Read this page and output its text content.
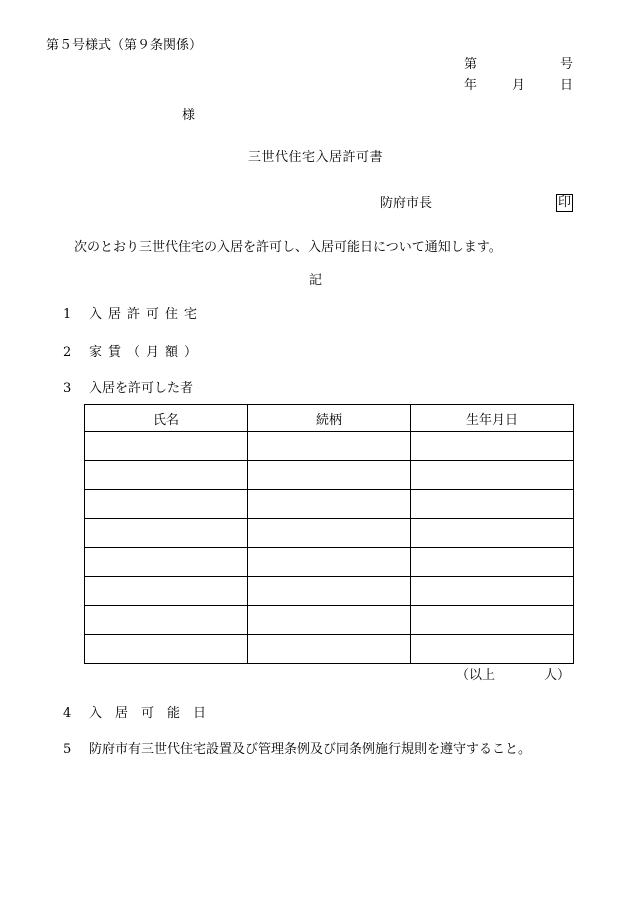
第５号様式（第９条関係）
第	号
年	月	日
様
三世代住宅入居許可書
防府市長	印
次のとおり三世代住宅の入居を許可し、入居可能日について通知します。
記
1 入居許可住宅
2 家賃（月額）
3 入居を許可した者
氏名	続柄	生年月日

（以上	人）
4 入居可能日
5 防府市有三世代住宅設置及び管理条例及び同条例施行規則を遵守すること。
